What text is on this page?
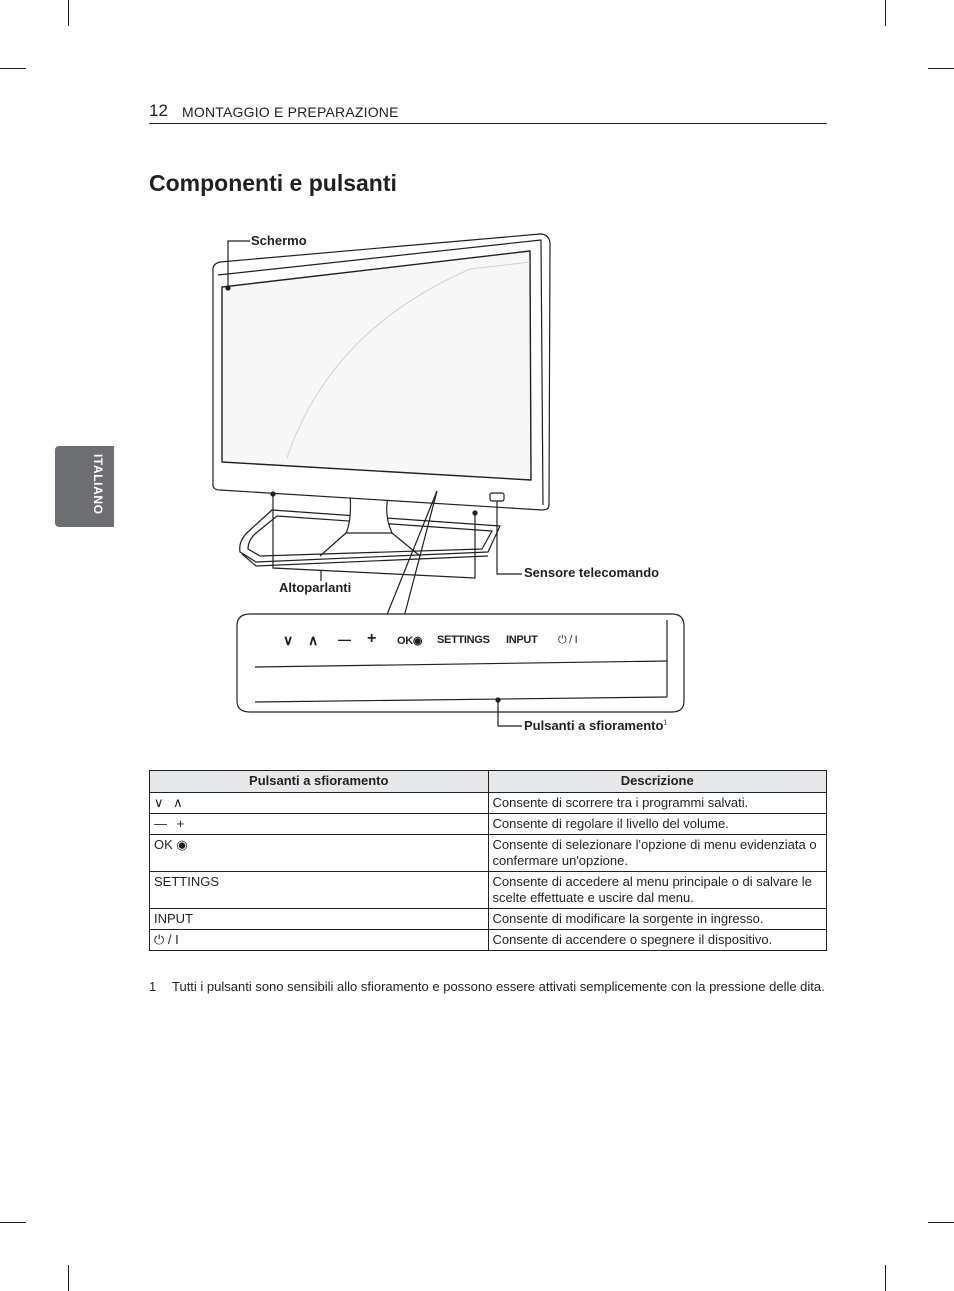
12 MONTAGGIO E PREPARAZIONE
Componenti e pulsanti
ITALIANO
Schermo
Altoparlanti
Sensore telecomando
Pulsanti a sfioramento$^1$
∨ ∧ — + OK◉ SETTINGS INPUT ⏻ / I
Pulsanti a sfioramento	Descrizione
∨ ∧	Consente di scorrere tra i programmi salvati.
— +	Consente di regolare il livello del volume.
OK ◉	Consente di selezionare l'opzione di menu evidenziata o confermare un'opzione.
SETTINGS	Consente di accedere al menu principale o di salvare le scelte effettuate e uscire dal menu.
INPUT	Consente di modificare la sorgente in ingresso.
⏻ / I	Consente di accendere o spegnere il dispositivo.
1 Tutti i pulsanti sono sensibili allo sfioramento e possono essere attivati semplicemente con la pressione delle dita.
